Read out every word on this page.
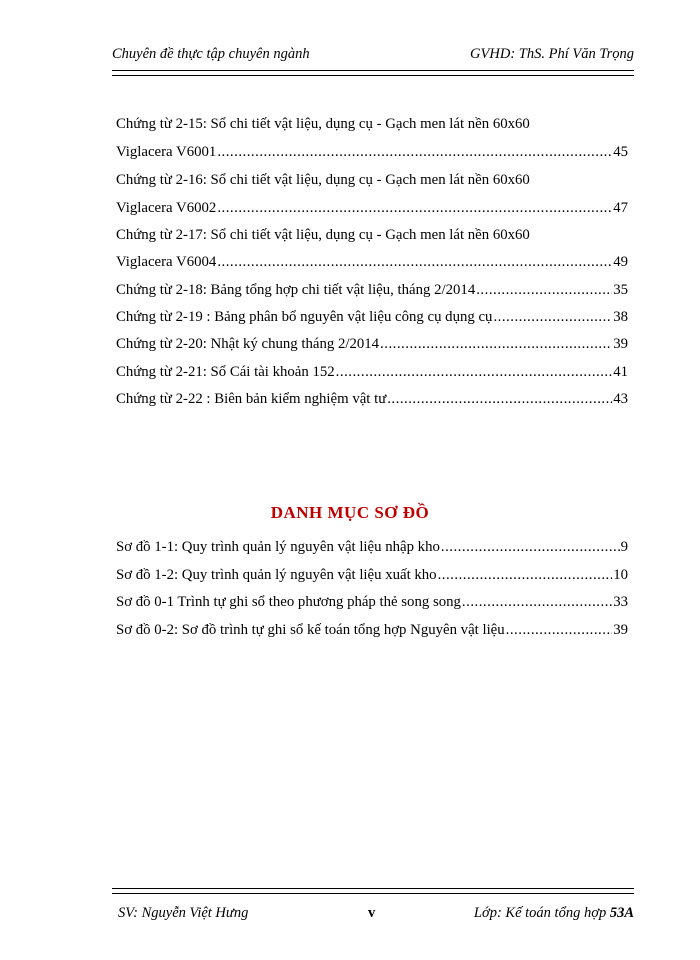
Chuyên đề thực tập chuyên ngành	GVHD: ThS. Phí Văn Trọng
Chứng từ 2-15: Sổ chi tiết vật liệu, dụng cụ - Gạch men lát nền 60x60
Viglacera V6001 .....	45
Chứng từ 2-16: Sổ chi tiết vật liệu, dụng cụ - Gạch men lát nền 60x60
Viglacera V6002 .....	47
Chứng từ 2-17: Sổ chi tiết vật liệu, dụng cụ - Gạch men lát nền 60x60
Viglacera V6004 .....	49
Chứng từ 2-18: Bảng tổng hợp chi tiết vật liệu, tháng 2/2014 .....	35
Chứng từ 2-19 : Bảng phân bổ nguyên vật liệu công cụ dụng cụ .....	38
Chứng từ 2-20: Nhật ký chung tháng 2/2014 .....	39
Chứng từ 2-21: Sổ Cái tài khoản 152 .....	41
Chứng từ 2-22 : Biên bản kiểm nghiệm vật tư .....	43
DANH MỤC SƠ ĐỒ
Sơ đồ 1-1: Quy trình quản lý nguyên vật liệu nhập kho .....	9
Sơ đồ 1-2: Quy trình quản lý nguyên vật liệu xuất kho .....	10
Sơ đồ 0-1 Trình tự ghi sổ theo phương pháp thẻ song song .....	33
Sơ đồ 0-2: Sơ đồ trình tự ghi sổ kế toán tổng hợp Nguyên vật liệu .....	39
SV: Nguyễn Việt Hưng	v	Lớp: Kế toán tổng hợp 53A
